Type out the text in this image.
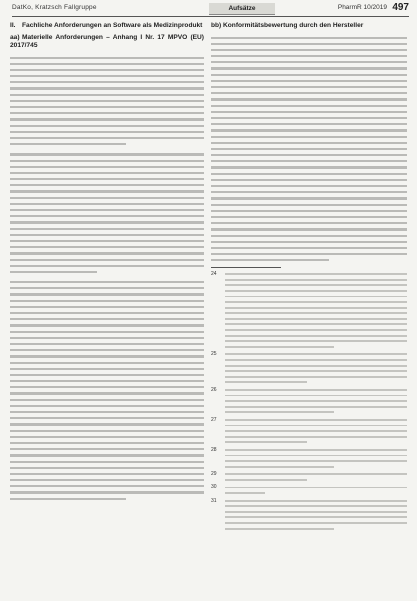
DatKo, Kratzsch Fallgruppe	Aufsätze	PharmR 10/2019 497
II. Fachliche Anforderungen an Software als Medizinprodukt
aa) Materielle Anforderungen – Anhang I Nr. 17 MPVO (EU) 2017/745
bb) Konformitätsbewertung durch den Hersteller
24
25
26
27
28
29
30
31
